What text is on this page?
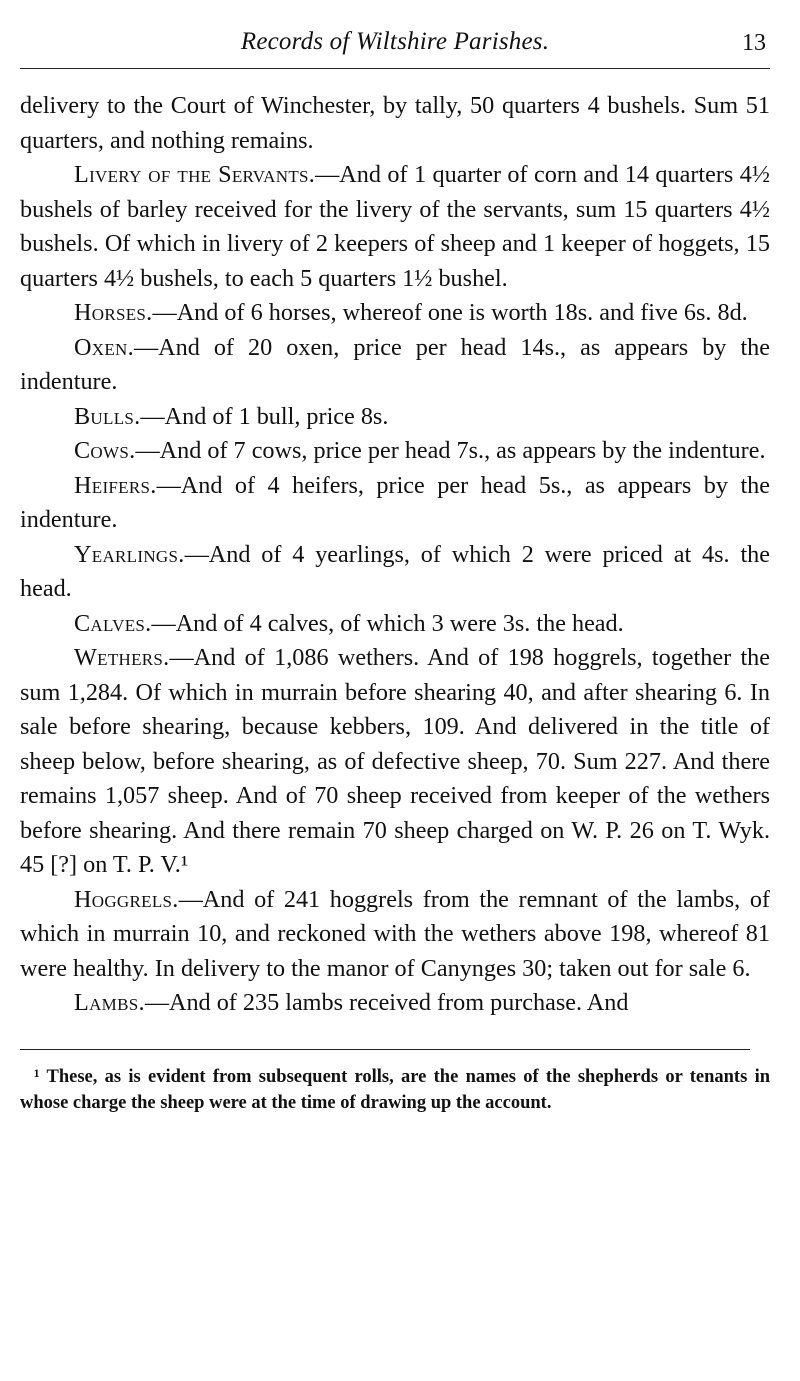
Records of Wiltshire Parishes.	13

delivery to the Court of Winchester, by tally, 50 quarters 4 bushels. Sum 51 quarters, and nothing remains.

Livery of the Servants.—And of 1 quarter of corn and 14 quarters 4½ bushels of barley received for the livery of the servants, sum 15 quarters 4½ bushels. Of which in livery of 2 keepers of sheep and 1 keeper of hoggets, 15 quarters 4½ bushels, to each 5 quarters 1½ bushel.

Horses.—And of 6 horses, whereof one is worth 18s. and five 6s. 8d.

Oxen.—And of 20 oxen, price per head 14s., as appears by the indenture.

Bulls.—And of 1 bull, price 8s.

Cows.—And of 7 cows, price per head 7s., as appears by the indenture.

Heifers.—And of 4 heifers, price per head 5s., as appears by the indenture.

Yearlings.—And of 4 yearlings, of which 2 were priced at 4s. the head.

Calves.—And of 4 calves, of which 3 were 3s. the head.

Wethers.—And of 1,086 wethers. And of 198 hoggrels, together the sum 1,284. Of which in murrain before shearing 40, and after shearing 6. In sale before shearing, because kebbers, 109. And delivered in the title of sheep below, before shearing, as of defective sheep, 70. Sum 227. And there remains 1,057 sheep. And of 70 sheep received from keeper of the wethers before shearing. And there remain 70 sheep charged on W. P. 26 on T. Wyk. 45 [?] on T. P. V.¹

Hoggrels.—And of 241 hoggrels from the remnant of the lambs, of which in murrain 10, and reckoned with the wethers above 198, whereof 81 were healthy. In delivery to the manor of Canynges 30; taken out for sale 6.

Lambs.—And of 235 lambs received from purchase. And

¹ These, as is evident from subsequent rolls, are the names of the shepherds or tenants in whose charge the sheep were at the time of drawing up the account.
